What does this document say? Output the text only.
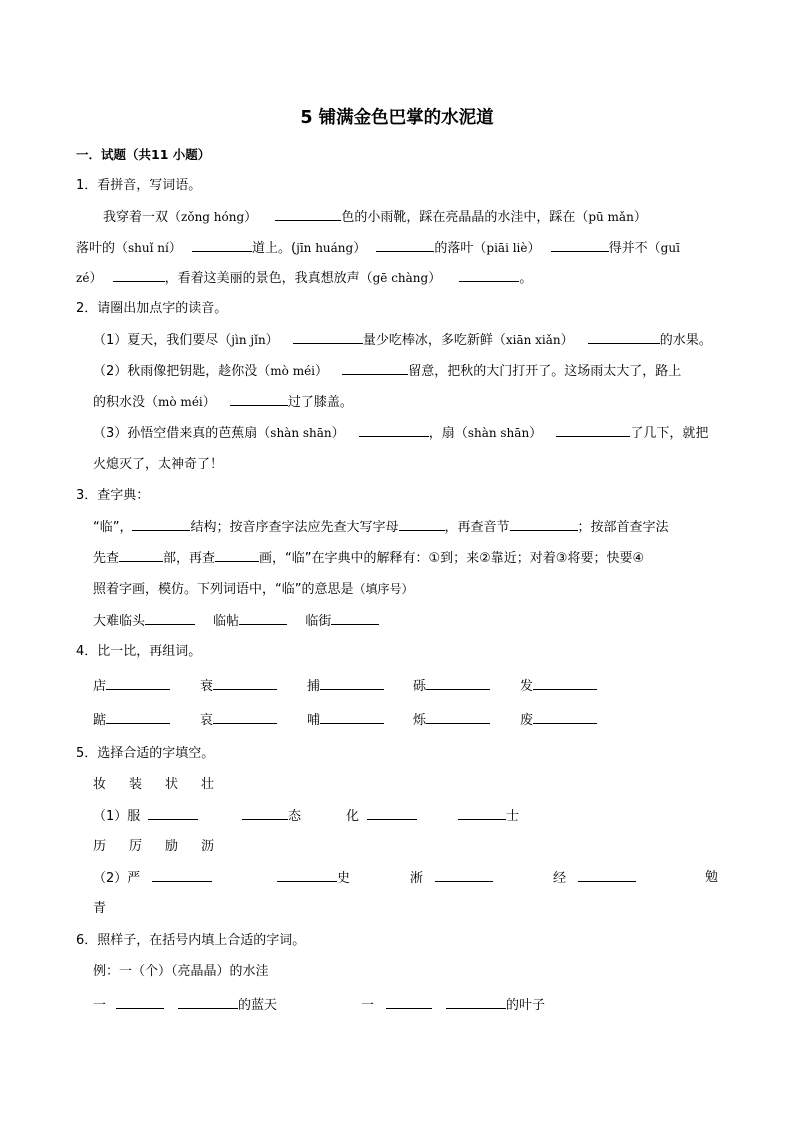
5 铺满金色巴掌的水泥道
一．试题（共11 小题）
1．看拼音，写词语。
我穿着一双（zǒng hóng）	色的小雨靴，踩在亮晶晶的水洼中，踩在（pū mǎn）
落叶的（shuǐ ní）	道上。(jīn huáng）	的落叶（piāi liè）	得并不（guī
zé）	，看着这美丽的景色，我真想放声（gē chàng）	。
2．请圈出加点字的读音。
（1）夏天，我们要尽（jìn jǐn）	量少吃棒冰，多吃新鲜（xiān xiǎn）	的水果。
（2）秋雨像把钥匙，趁你没（mò méi）	留意，把秋的大门打开了。这场雨太大了，路上
的积水没（mò méi）	过了膝盖。
（3）孙悟空借来真的芭蕉扇（shàn shān）	，扇（shàn shān）	了几下，就把
火熄灭了，太神奇了！
3．查字典：
“临”，	结构；按音序查字法应先查大写字母	，再查音节	；按部首查字法
先查	部，再查	画，“临”在字典中的解释有：①到；来②靠近；对着③将要；快要④
照着字画，模仿。下列词语中，“临”的意思是（填序号）
大难临头	临帖	临街
4．比一比，再组词。
店	衰	捕	砾	发
踮	哀	哺	烁	废
5．选择合适的字填空。
妆 装 状 壮
（1）服	态	化	士
历 厉 励 沥
（2）严	史	淅	经	勉
青
6．照样子，在括号内填上合适的字词。
例：一（个）（亮晶晶）的水洼
一	的蓝天	一	的叶子
